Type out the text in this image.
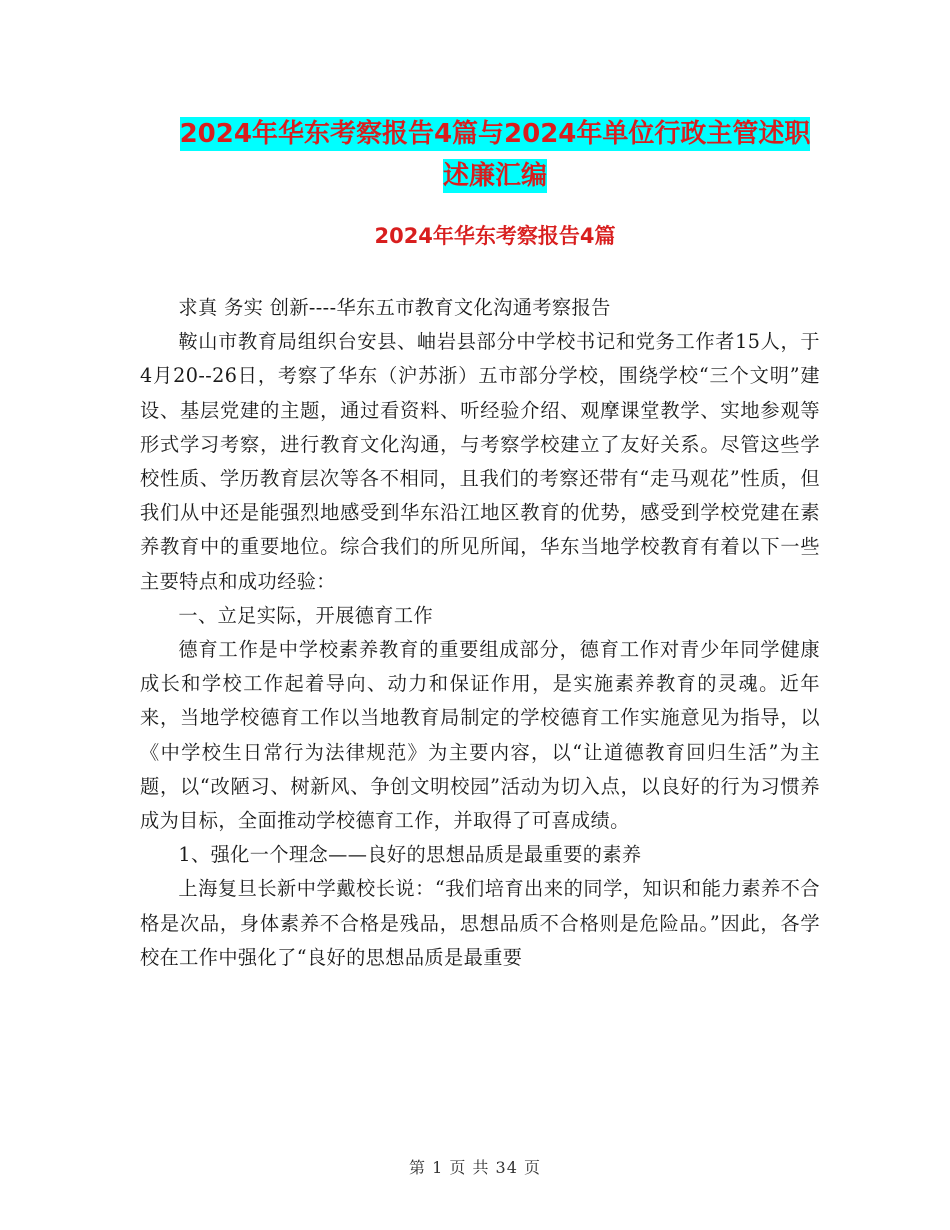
2024年华东考察报告4篇与2024年单位行政主管述职
述廉汇编
2024年华东考察报告4篇

求真 务实 创新----华东五市教育文化沟通考察报告

鞍山市教育局组织台安县、岫岩县部分中学校书记和党务工作者15人，于4月20--26日，考察了华东（沪苏浙）五市部分学校，围绕学校“三个文明”建设、基层党建的主题，通过看资料、听经验介绍、观摩课堂教学、实地参观等形式学习考察，进行教育文化沟通，与考察学校建立了友好关系。尽管这些学校性质、学历教育层次等各不相同，且我们的考察还带有“走马观花”性质，但我们从中还是能强烈地感受到华东沿江地区教育的优势，感受到学校党建在素养教育中的重要地位。综合我们的所见所闻，华东当地学校教育有着以下一些主要特点和成功经验：

一、立足实际，开展德育工作

德育工作是中学校素养教育的重要组成部分，德育工作对青少年同学健康成长和学校工作起着导向、动力和保证作用，是实施素养教育的灵魂。近年来，当地学校德育工作以当地教育局制定的学校德育工作实施意见为指导，以《中学校生日常行为法律规范》为主要内容，以“让道德教育回归生活”为主题，以“改陋习、树新风、争创文明校园”活动为切入点，以良好的行为习惯养成为目标，全面推动学校德育工作，并取得了可喜成绩。

1、强化一个理念——良好的思想品质是最重要的素养

上海复旦长新中学戴校长说：“我们培育出来的同学，知识和能力素养不合格是次品，身体素养不合格是残品，思想品质不合格则是危险品。”因此，各学校在工作中强化了“良好的思想品质是最重要

第 1 页 共 34 页
